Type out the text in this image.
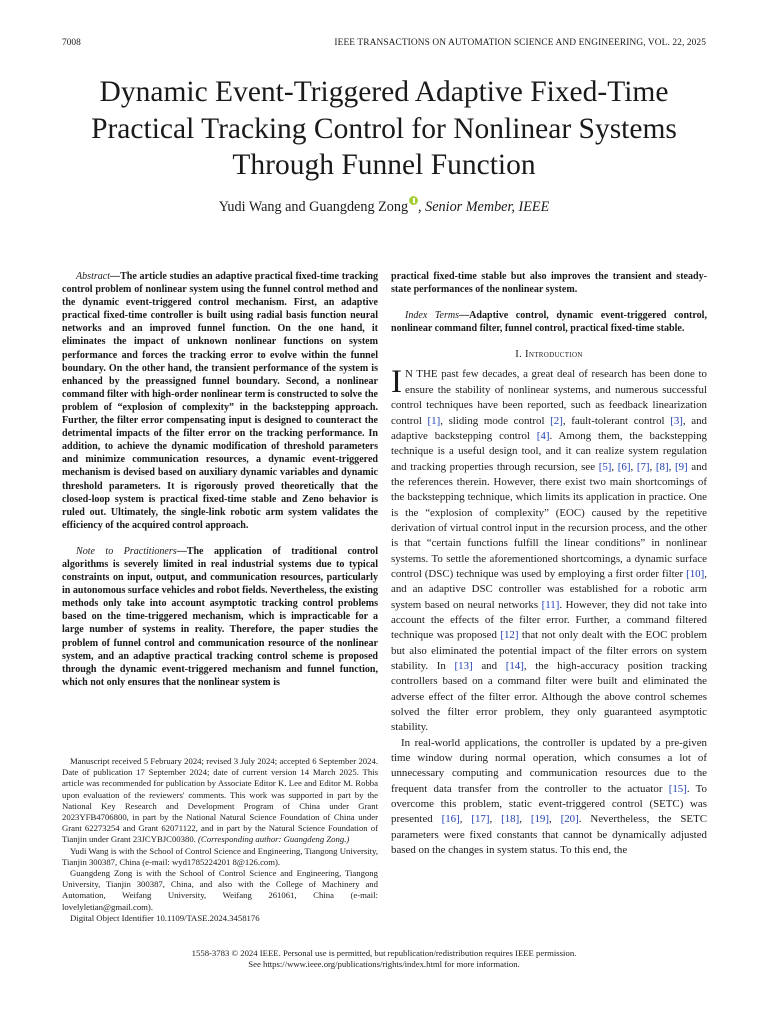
7008	IEEE TRANSACTIONS ON AUTOMATION SCIENCE AND ENGINEERING, VOL. 22, 2025
Dynamic Event-Triggered Adaptive Fixed-Time
Practical Tracking Control for Nonlinear Systems
Through Funnel Function
Yudi Wang and Guangdeng Zong , Senior Member, IEEE

Abstract—The article studies an adaptive practical fixed-time tracking control problem of nonlinear system using the funnel control method and the dynamic event-triggered control mechanism. First, an adaptive practical fixed-time controller is built using radial basis function neural networks and an improved funnel function. On the one hand, it eliminates the impact of unknown nonlinear functions on system performance and forces the tracking error to evolve within the funnel boundary. On the other hand, the transient performance of the system is enhanced by the preassigned funnel boundary. Second, a nonlinear command filter with high-order nonlinear term is constructed to solve the problem of “explosion of complexity” in the backstepping approach. Further, the filter error compensating input is designed to counteract the detrimental impacts of the filter error on the tracking performance. In addition, to achieve the dynamic modification of threshold parameters and minimize communication resources, a dynamic event-triggered mechanism is devised based on auxiliary dynamic variables and dynamic threshold parameters. It is rigorously proved theoretically that the closed-loop system is practical fixed-time stable and Zeno behavior is ruled out. Ultimately, the single-link robotic arm system validates the efficiency of the acquired control approach.

Note to Practitioners—The application of traditional control algorithms is severely limited in real industrial systems due to typical constraints on input, output, and communication resources, particularly in autonomous surface vehicles and robot fields. Nevertheless, the existing methods only take into account asymptotic tracking control problems based on the time-triggered mechanism, which is impracticable for a large number of systems in reality. Therefore, the paper studies the problem of funnel control and communication resource of the nonlinear system, and an adaptive practical tracking control scheme is proposed through the dynamic event-triggered mechanism and funnel function, which not only ensures that the nonlinear system is

practical fixed-time stable but also improves the transient and steady-state performances of the nonlinear system.

Index Terms—Adaptive control, dynamic event-triggered control, nonlinear command filter, funnel control, practical fixed-time stable.

I. Introduction

I N THE past few decades, a great deal of research has been done to ensure the stability of nonlinear systems, and numerous successful control techniques have been reported, such as feedback linearization control [1], sliding mode control [2], fault-tolerant control [3], and adaptive backstepping control [4]. Among them, the backstepping technique is a useful design tool, and it can realize system regulation and tracking properties through recursion, see [5], [6], [7], [8], [9] and the references therein. However, there exist two main shortcomings of the backstepping technique, which limits its application in practice. One is the “explosion of complexity” (EOC) caused by the repetitive derivation of virtual control input in the recursion process, and the other is that “certain functions fulfill the linear conditions” in nonlinear systems. To settle the aforementioned shortcomings, a dynamic surface control (DSC) technique was used by employing a first order filter [10], and an adaptive DSC controller was established for a robotic arm system based on neural networks [11]. However, they did not take into account the effects of the filter error. Further, a command filtered technique was proposed [12] that not only dealt with the EOC problem but also eliminated the potential impact of the filter errors on system stability. In [13] and [14], the high-accuracy position tracking controllers based on a command filter were built and eliminated the adverse effect of the filter error. Although the above control schemes solved the filter error problem, they only guaranteed asymptotic stability.

In real-world applications, the controller is updated by a pre-given time window during normal operation, which consumes a lot of unnecessary computing and communication resources due to the frequent data transfer from the controller to the actuator [15]. To overcome this problem, static event-triggered control (SETC) was presented [16], [17], [18], [19], [20]. Nevertheless, the SETC parameters were fixed constants that cannot be dynamically adjusted based on the changes in system status. To this end, the

Manuscript received 5 February 2024; revised 3 July 2024; accepted 6 September 2024. Date of publication 17 September 2024; date of current version 14 March 2025. This article was recommended for publication by Associate Editor K. Lee and Editor M. Robba upon evaluation of the reviewers' comments. This work was supported in part by the National Key Research and Development Program of China under Grant 2023YFB4706800, in part by the National Natural Science Foundation of China under Grant 62273254 and Grant 62071122, and in part by the Natural Science Foundation of Tianjin under Grant 23JCYBJC00380. (Corresponding author: Guangdeng Zong.)

Yudi Wang is with the School of Control Science and Engineering, Tiangong University, Tianjin 300387, China (e-mail: wyd1785224201 8@126.com).

Guangdeng Zong is with the School of Control Science and Engineering, Tiangong University, Tianjin 300387, China, and also with the College of Machinery and Automation, Weifang University, Weifang 261061, China (e-mail: lovelyletian@gmail.com).

Digital Object Identifier 10.1109/TASE.2024.3458176

1558-3783 © 2024 IEEE. Personal use is permitted, but republication/redistribution requires IEEE permission.
See https://www.ieee.org/publications/rights/index.html for more information.
